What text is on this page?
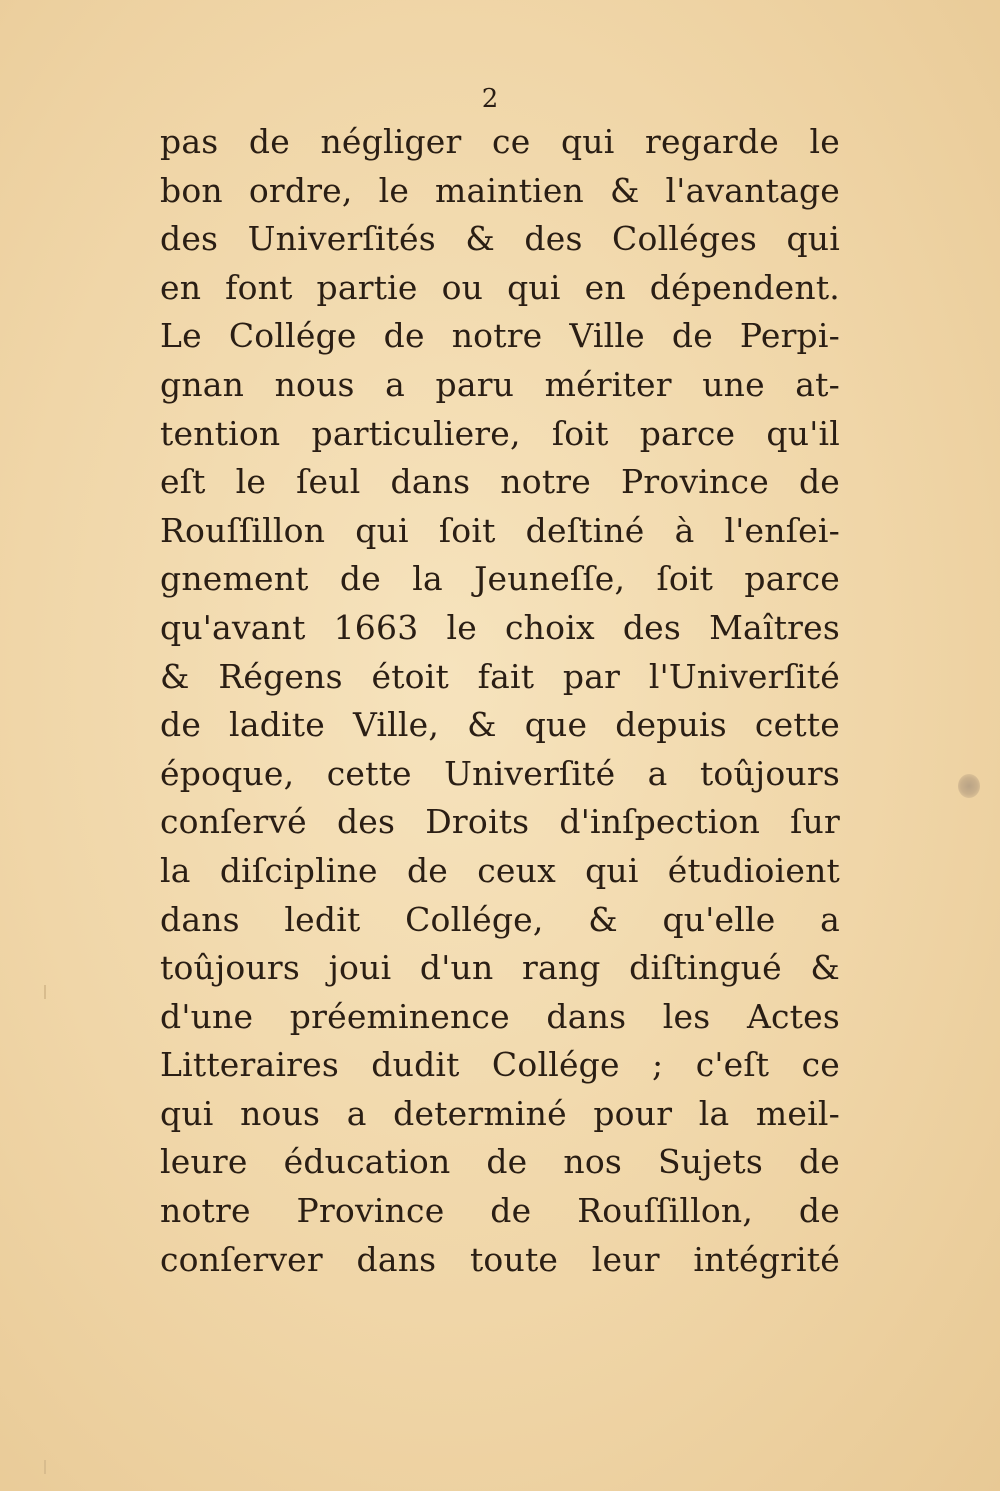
2
pas de négliger ce qui regarde le
bon ordre, le maintien & l'avantage
des Univerſités & des Colléges qui
en font partie ou qui en dépendent.
Le Collége de notre Ville de Perpi-
gnan nous a paru mériter une at-
tention particuliere, ſoit parce qu'il
eſt le ſeul dans notre Province de
Rouſſillon qui ſoit deſtiné à l'enſei-
gnement de la Jeuneſſe, ſoit parce
qu'avant 1663 le choix des Maîtres
& Régens étoit fait par l'Univerſité
de ladite Ville, & que depuis cette
époque, cette Univerſité a toûjours
conſervé des Droits d'inſpection ſur
la diſcipline de ceux qui étudioient
dans ledit Collége, & qu'elle a
toûjours joui d'un rang diſtingué &
d'une préeminence dans les Actes
Litteraires dudit Collége ; c'eſt ce
qui nous a determiné pour la meil-
leure éducation de nos Sujets de
notre Province de Rouſſillon, de
conſerver dans toute leur intégrité
